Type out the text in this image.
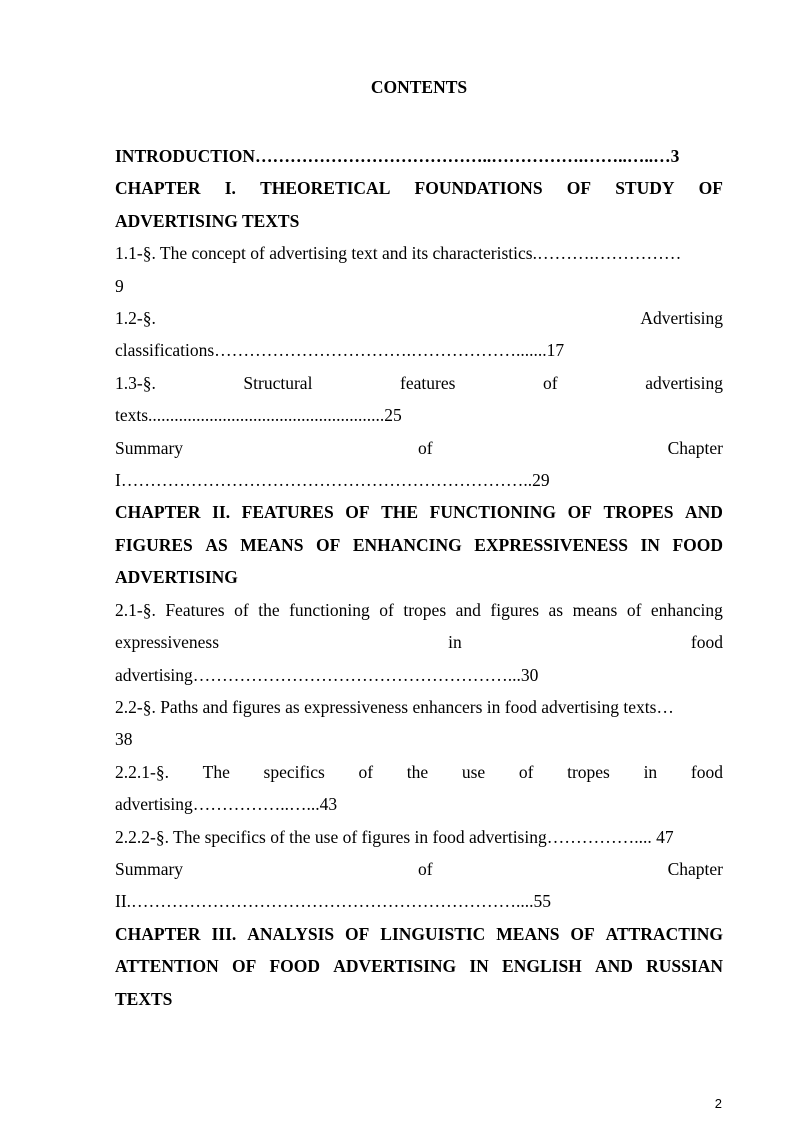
CONTENTS
INTRODUCTION…………………………………..…………….……..…..…3
CHAPTER I. THEORETICAL FOUNDATIONS OF STUDY OF
ADVERTISING TEXTS
1.1-§. The concept of advertising text and its characteristics.……….……………
9
1.2-§.	Advertising
classifications…………………………….……………….......17
1.3-§.	Structural	features	of	advertising
texts......................................................25
Summary	of	Chapter
I……………………………………………………………..29
CHAPTER II. FEATURES OF THE FUNCTIONING OF TROPES AND
FIGURES AS MEANS OF ENHANCING EXPRESSIVENESS IN FOOD
ADVERTISING
2.1-§. Features of the functioning of tropes and figures as means of enhancing
expressiveness	in	food
advertising………………………………………………...30
2.2-§. Paths and figures as expressiveness enhancers in food advertising texts…
38
2.2.1-§. The specifics of the use of tropes in food
advertising……………..…...43
2.2.2-§. The specifics of the use of figures in food advertising…………….... 47
Summary	of	Chapter
II.…………………………………………………………....55
CHAPTER III. ANALYSIS OF LINGUISTIC MEANS OF ATTRACTING
ATTENTION OF FOOD ADVERTISING IN ENGLISH AND RUSSIAN
TEXTS
2
